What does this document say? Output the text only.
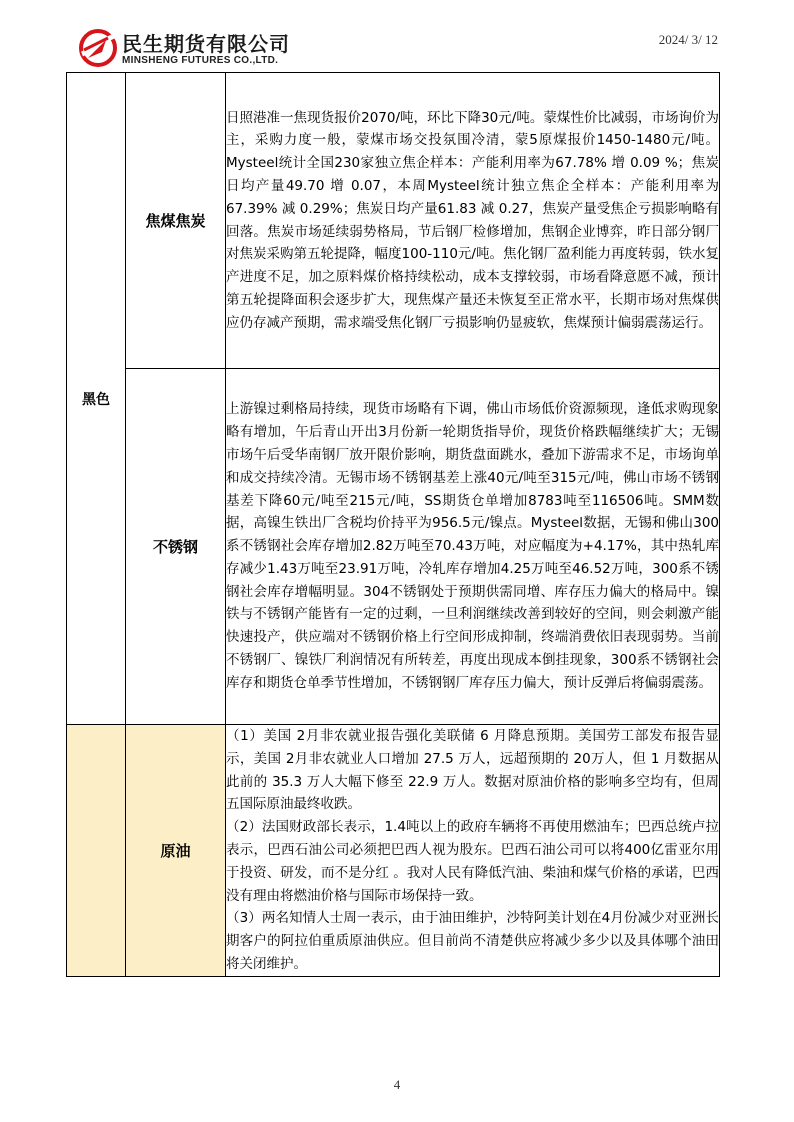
民生期货有限公司
MINSHENG FUTURES CO.,LTD.
2024/ 3/ 12
黑色	焦煤焦炭	日照港准一焦现货报价2070/吨，环比下降30元/吨。蒙煤性价比减弱，市场询价为主，采购力度一般，蒙煤市场交投氛围冷清，蒙5原煤报价1450-1480元/吨。Mysteel统计全国230家独立焦企样本：产能利用率为67.78% 增 0.09 %；焦炭日均产量49.70 增 0.07，本周Mysteel统计独立焦企全样本：产能利用率为67.39% 减 0.29%；焦炭日均产量61.83 减 0.27，焦炭产量受焦企亏损影响略有回落。焦炭市场延续弱势格局，节后钢厂检修增加，焦钢企业博弈，昨日部分钢厂对焦炭采购第五轮提降，幅度100-110元/吨。焦化钢厂盈利能力再度转弱，铁水复产进度不足，加之原料煤价格持续松动，成本支撑较弱，市场看降意愿不减，预计第五轮提降面积会逐步扩大，现焦煤产量还未恢复至正常水平，长期市场对焦煤供应仍存减产预期，需求端受焦化钢厂亏损影响仍显疲软，焦煤预计偏弱震荡运行。
	不锈钢	上游镍过剩格局持续，现货市场略有下调，佛山市场低价资源频现，逢低求购现象略有增加，午后青山开出3月份新一轮期货指导价，现货价格跌幅继续扩大；无锡市场午后受华南钢厂放开限价影响，期货盘面跳水，叠加下游需求不足，市场询单和成交持续冷清。无锡市场不锈钢基差上涨40元/吨至315元/吨，佛山市场不锈钢基差下降60元/吨至215元/吨，SS期货仓单增加8783吨至116506吨。SMM数据，高镍生铁出厂含税均价持平为956.5元/镍点。Mysteel数据，无锡和佛山300系不锈钢社会库存增加2.82万吨至70.43万吨，对应幅度为+4.17%，其中热轧库存减少1.43万吨至23.91万吨，冷轧库存增加4.25万吨至46.52万吨，300系不锈钢社会库存增幅明显。304不锈钢处于预期供需同增、库存压力偏大的格局中。镍铁与不锈钢产能皆有一定的过剩，一旦利润继续改善到较好的空间，则会刺激产能快速投产，供应端对不锈钢价格上行空间形成抑制，终端消费依旧表现弱势。当前不锈钢厂、镍铁厂利润情况有所转差，再度出现成本倒挂现象，300系不锈钢社会库存和期货仓单季节性增加，不锈钢钢厂库存压力偏大，预计反弹后将偏弱震荡。
	原油	（1）美国 2月非农就业报告强化美联储 6 月降息预期。美国劳工部发布报告显示，美国 2月非农就业人口增加 27.5 万人，远超预期的 20万人，但 1 月数据从此前的 35.3 万人大幅下修至 22.9 万人。数据对原油价格的影响多空均有，但周五国际原油最终收跌。

（2）法国财政部长表示，1.4吨以上的政府车辆将不再使用燃油车；巴西总统卢拉表示，巴西石油公司必须把巴西人视为股东。巴西石油公司可以将400亿雷亚尔用于投资、研发，而不是分红 。我对人民有降低汽油、柴油和煤气价格的承诺，巴西没有理由将燃油价格与国际市场保持一致。

（3）两名知情人士周一表示，由于油田维护，沙特阿美计划在4月份减少对亚洲长期客户的阿拉伯重质原油供应。但目前尚不清楚供应将减少多少以及具体哪个油田将关闭维护。

4
